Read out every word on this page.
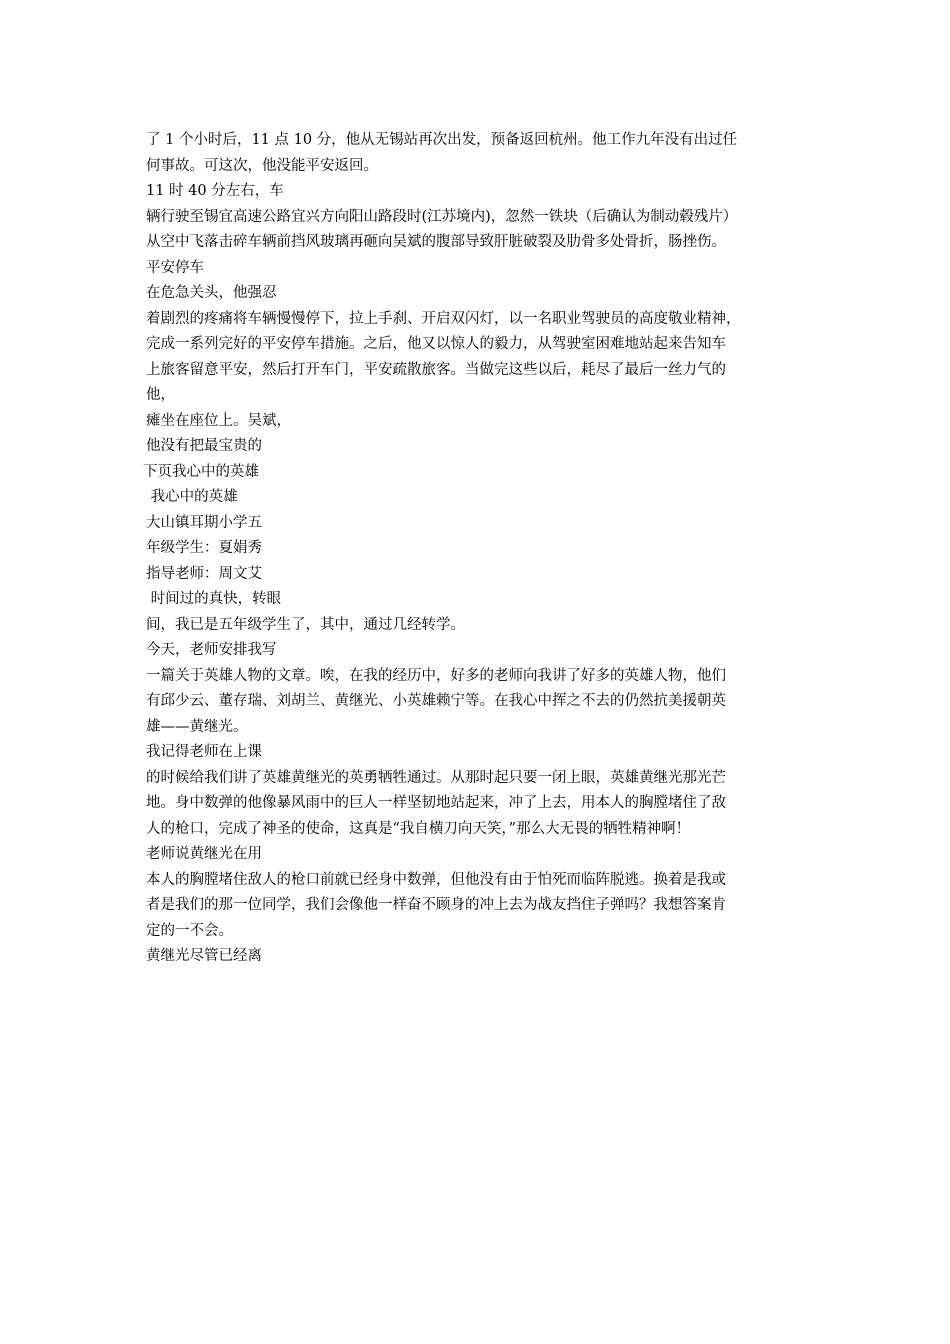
了 1 个小时后，11 点 10 分，他从无锡站再次出发，预备返回杭州。他工作九年没有出过任

何事故。可这次，他没能平安返回。

11 时 40 分左右，车

辆行驶至锡宜高速公路宜兴方向阳山路段时(江苏境内)，忽然一铁块（后确认为制动毂残片）

从空中飞落击碎车辆前挡风玻璃再砸向吴斌的腹部导致肝脏破裂及肋骨多处骨折，肠挫伤。

平安停车

在危急关头，他强忍

着剧烈的疼痛将车辆慢慢停下，拉上手刹、开启双闪灯，以一名职业驾驶员的高度敬业精神，

完成一系列完好的平安停车措施。之后，他又以惊人的毅力，从驾驶室困难地站起来告知车

上旅客留意平安，然后打开车门，平安疏散旅客。当做完这些以后，耗尽了最后一丝力气的

他，

瘫坐在座位上。吴斌，

他没有把最宝贵的

下页我心中的英雄

我心中的英雄

大山镇耳期小学五

年级学生：夏娟秀

指导老师：周文艾

时间过的真快，转眼

间，我已是五年级学生了，其中，通过几经转学。

今天，老师安排我写

一篇关于英雄人物的文章。唉，在我的经历中，好多的老师向我讲了好多的英雄人物，他们

有邱少云、董存瑞、刘胡兰、黄继光、小英雄赖宁等。在我心中挥之不去的仍然抗美援朝英

雄——黄继光。

我记得老师在上课

的时候给我们讲了英雄黄继光的英勇牺牲通过。从那时起只要一闭上眼，英雄黄继光那光芒

地。身中数弹的他像暴风雨中的巨人一样坚韧地站起来，冲了上去，用本人的胸膛堵住了敌

人的枪口，完成了神圣的使命，这真是“我自横刀向天笑，”那么大无畏的牺牲精神啊！

老师说黄继光在用

本人的胸膛堵住敌人的枪口前就已经身中数弹，但他没有由于怕死而临阵脱逃。换着是我或

者是我们的那一位同学，我们会像他一样奋不顾身的冲上去为战友挡住子弹吗？我想答案肯

定的一不会。

黄继光尽管已经离
